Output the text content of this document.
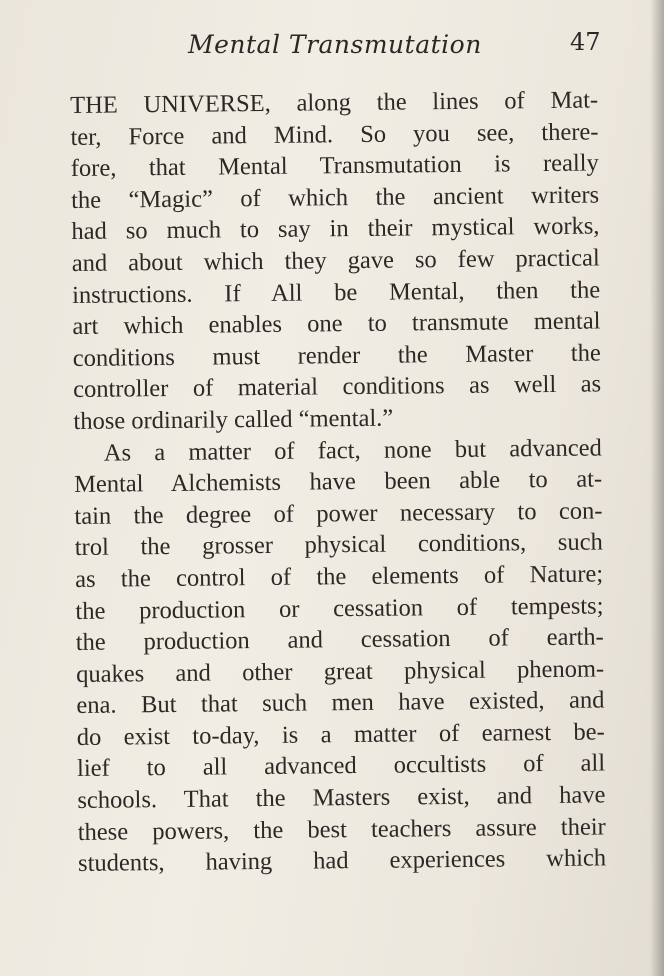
Mental Transmutation	47
THE UNIVERSE, along the lines of Mat-
ter, Force and Mind. So you see, there-
fore, that Mental Transmutation is really
the “Magic” of which the ancient writers
had so much to say in their mystical works,
and about which they gave so few practical
instructions. If All be Mental, then the
art which enables one to transmute mental
conditions must render the Master the
controller of material conditions as well as
those ordinarily called “mental.”
As a matter of fact, none but advanced
Mental Alchemists have been able to at-
tain the degree of power necessary to con-
trol the grosser physical conditions, such
as the control of the elements of Nature;
the production or cessation of tempests;
the production and cessation of earth-
quakes and other great physical phenom-
ena. But that such men have existed, and
do exist to-day, is a matter of earnest be-
lief to all advanced occultists of all
schools. That the Masters exist, and have
these powers, the best teachers assure their
students, having had experiences which
